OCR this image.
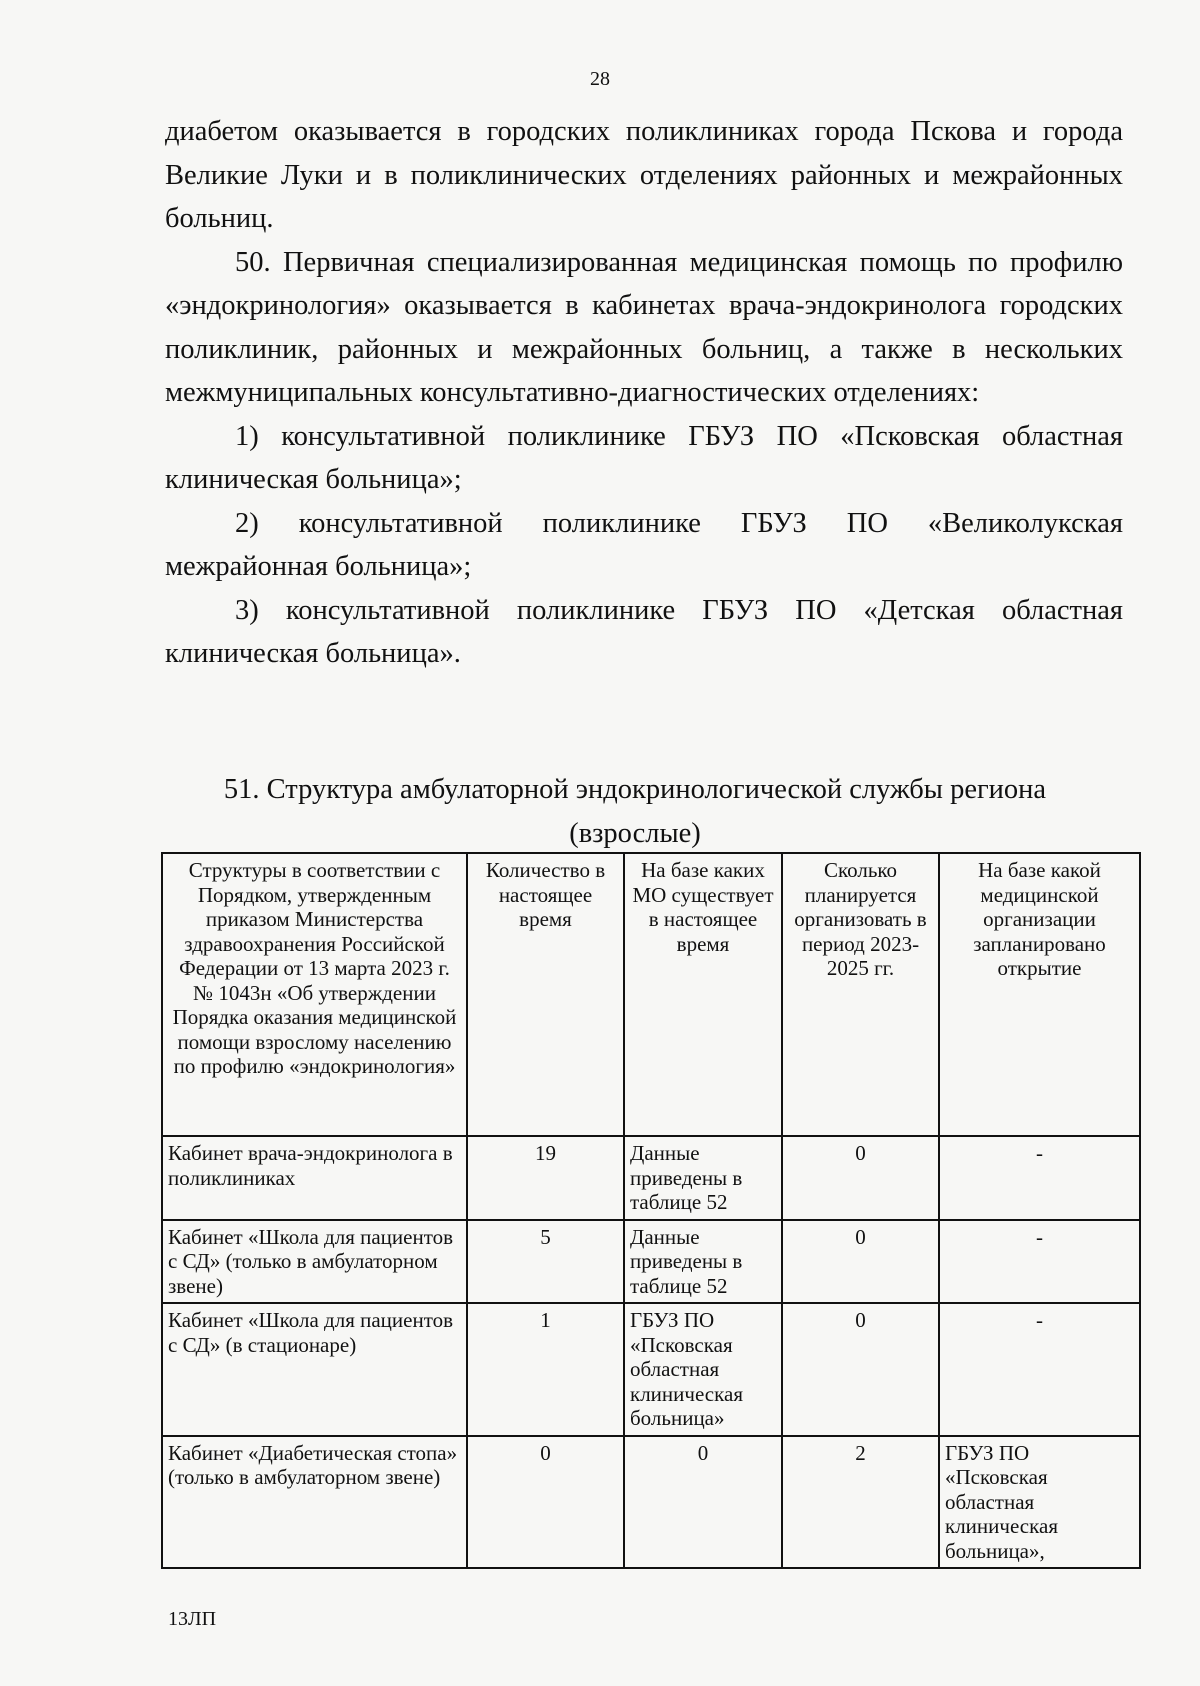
28

диабетом оказывается в городских поликлиниках города Пскова и города Великие Луки и в поликлинических отделениях районных и межрайонных больниц.

50. Первичная специализированная медицинская помощь по профилю «эндокринология» оказывается в кабинетах врача-эндокринолога городских поликлиник, районных и межрайонных больниц, а также в нескольких межмуниципальных консультативно-диагностических отделениях:

1) консультативной поликлинике ГБУЗ ПО «Псковская областная клиническая больница»;

2) консультативной поликлинике ГБУЗ ПО «Великолукская межрайонная больница»;

3) консультативной поликлинике ГБУЗ ПО «Детская областная клиническая больница».

51. Структура амбулаторной эндокринологической службы региона
(взрослые)
Структуры в соответствии с Порядком, утвержденным приказом Министерства здравоохранения Российской Федерации от 13 марта 2023 г. № 1043н «Об утверждении Порядка оказания медицинской помощи взрослому населению по профилю «эндокринология»	Количество в настоящее время	На базе каких МО существует в настоящее время	Сколько планируется организовать в период 2023-2025 гг.	На базе какой медицинской организации запланировано открытие
Кабинет врача-эндокринолога в поликлиниках	19	Данные приведены в таблице 52	0	-
Кабинет «Школа для пациентов с СД» (только в амбулаторном звене)	5	Данные приведены в таблице 52	0	-
Кабинет «Школа для пациентов с СД» (в стационаре)	1	ГБУЗ ПО «Псковская областная клиническая больница»	0	-
Кабинет «Диабетическая стопа» (только в амбулаторном звене)	0	0	2	ГБУЗ ПО «Псковская областная клиническая больница»,
13ЛП
